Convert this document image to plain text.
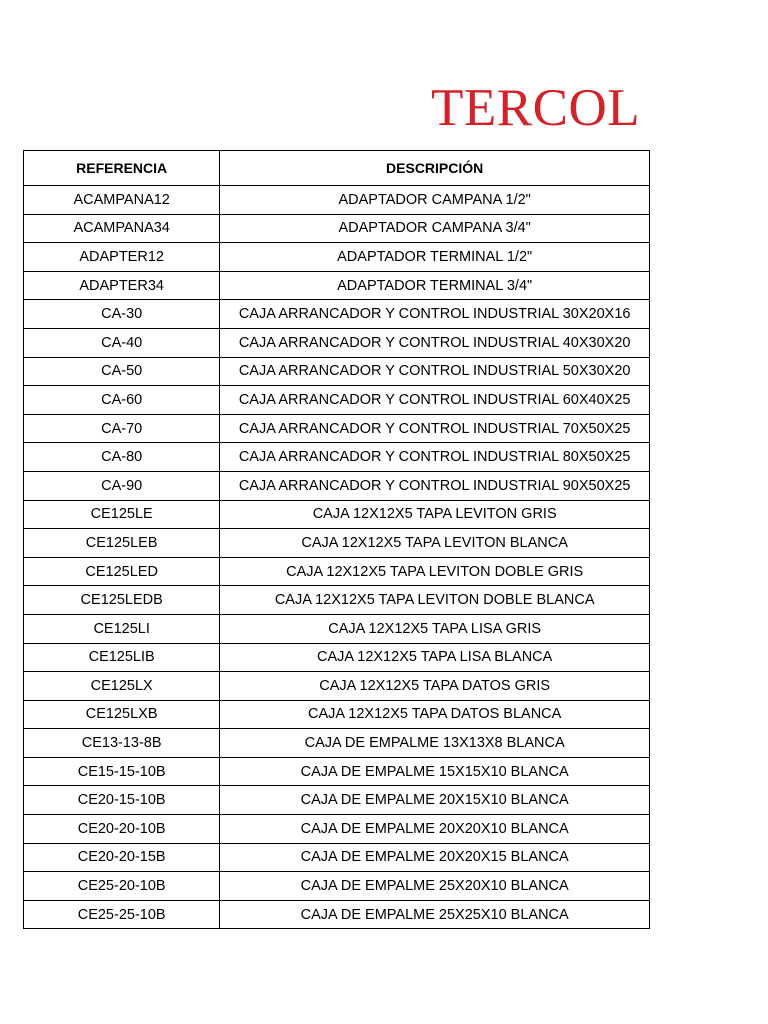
TERCOL
REFERENCIA	DESCRIPCIÓN
ACAMPANA12	ADAPTADOR CAMPANA 1/2"
ACAMPANA34	ADAPTADOR CAMPANA 3/4"
ADAPTER12	ADAPTADOR TERMINAL 1/2"
ADAPTER34	ADAPTADOR TERMINAL 3/4"
CA-30	CAJA ARRANCADOR Y CONTROL INDUSTRIAL 30X20X16
CA-40	CAJA ARRANCADOR Y CONTROL INDUSTRIAL 40X30X20
CA-50	CAJA ARRANCADOR Y CONTROL INDUSTRIAL 50X30X20
CA-60	CAJA ARRANCADOR Y CONTROL INDUSTRIAL 60X40X25
CA-70	CAJA ARRANCADOR Y CONTROL INDUSTRIAL 70X50X25
CA-80	CAJA ARRANCADOR Y CONTROL INDUSTRIAL 80X50X25
CA-90	CAJA ARRANCADOR Y CONTROL INDUSTRIAL 90X50X25
CE125LE	CAJA 12X12X5 TAPA LEVITON GRIS
CE125LEB	CAJA 12X12X5 TAPA LEVITON BLANCA
CE125LED	CAJA 12X12X5 TAPA LEVITON DOBLE GRIS
CE125LEDB	CAJA 12X12X5 TAPA LEVITON DOBLE BLANCA
CE125LI	CAJA 12X12X5 TAPA LISA GRIS
CE125LIB	CAJA 12X12X5 TAPA LISA BLANCA
CE125LX	CAJA 12X12X5 TAPA DATOS GRIS
CE125LXB	CAJA 12X12X5 TAPA DATOS BLANCA
CE13-13-8B	CAJA DE EMPALME 13X13X8 BLANCA
CE15-15-10B	CAJA DE EMPALME 15X15X10 BLANCA
CE20-15-10B	CAJA DE EMPALME 20X15X10 BLANCA
CE20-20-10B	CAJA DE EMPALME 20X20X10 BLANCA
CE20-20-15B	CAJA DE EMPALME 20X20X15 BLANCA
CE25-20-10B	CAJA DE EMPALME 25X20X10 BLANCA
CE25-25-10B	CAJA DE EMPALME 25X25X10 BLANCA
